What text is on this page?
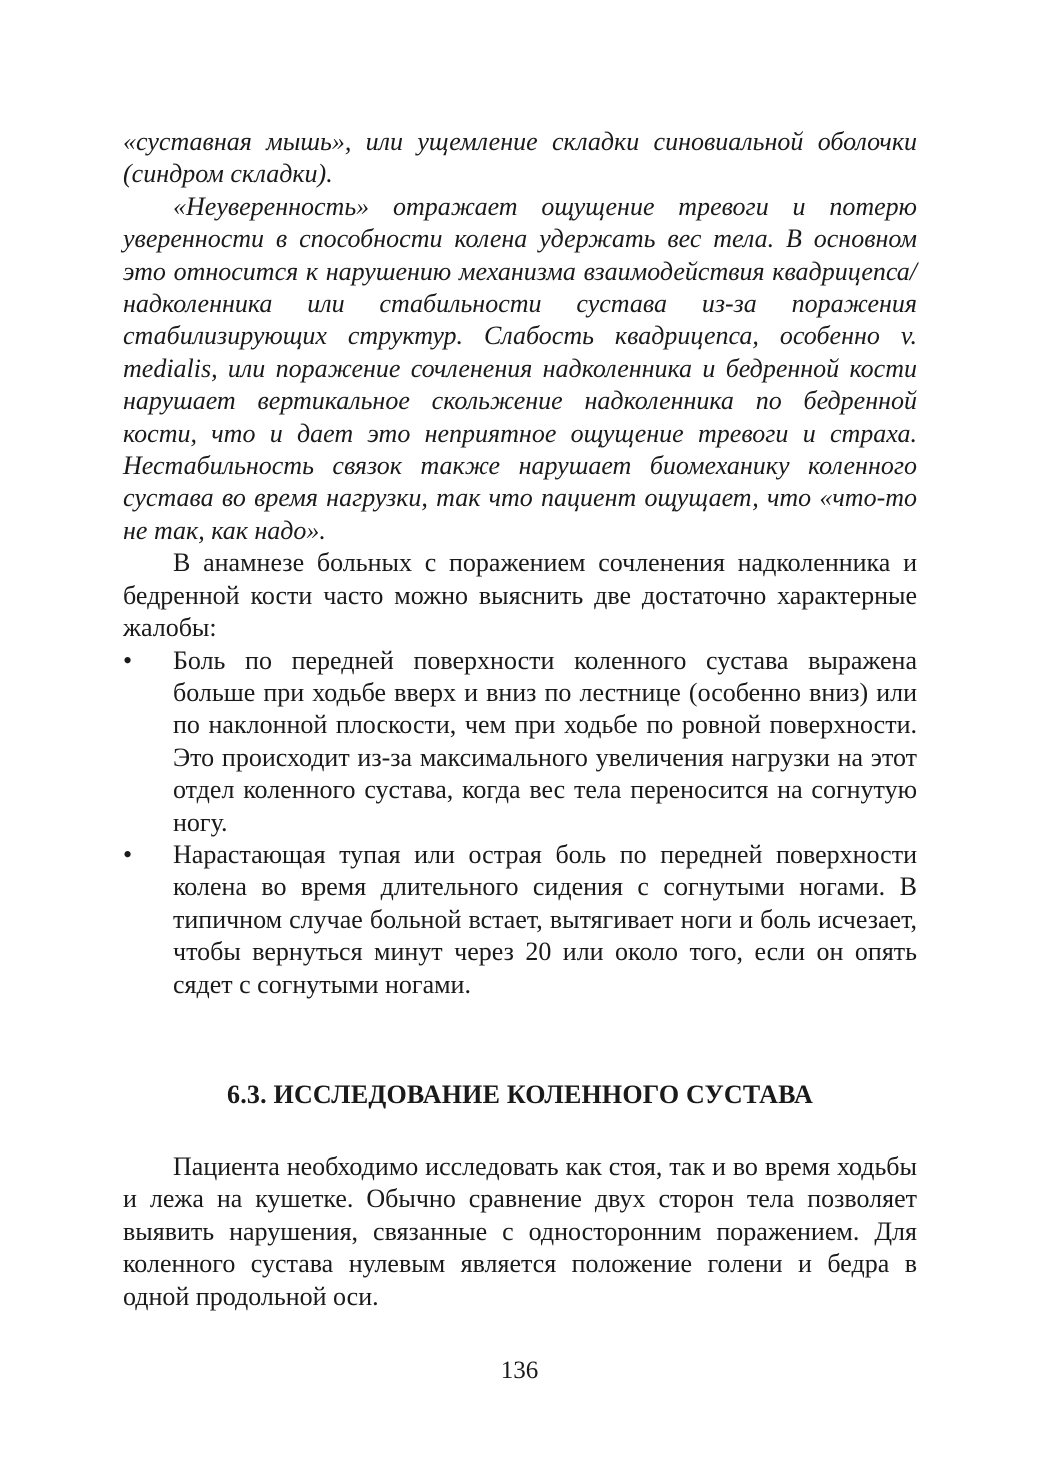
«суставная мышь», или ущемление складки синовиальной оболочки (синдром складки).

«Неуверенность» отражает ощущение тревоги и потерю уверенности в способности колена удержать вес тела. В основном это относится к нарушению механизма взаимодействия квадрицепса/надколенника или стабильности сустава из-за поражения стабилизирующих структур. Слабость квадрицепса, особенно v. medialis, или поражение сочленения надколенника и бедренной кости нарушает вертикальное скольжение надколенника по бедренной кости, что и дает это неприятное ощущение тревоги и страха. Нестабильность связок также нарушает биомеханику коленного сустава во время нагрузки, так что пациент ощущает, что «что-то не так, как надо».

В анамнезе больных с поражением сочленения надколенника и бедренной кости часто можно выяснить две достаточно характерные жалобы:

•	Боль по передней поверхности коленного сустава выражена больше при ходьбе вверх и вниз по лестнице (особенно вниз) или по наклонной плоскости, чем при ходьбе по ровной поверхности. Это происходит из-за максимального увеличения нагрузки на этот отдел коленного сустава, когда вес тела переносится на согнутую ногу.

•	Нарастающая тупая или острая боль по передней поверхности колена во время длительного сидения с согнутыми ногами. В типичном случае больной встает, вытягивает ноги и боль исчезает, чтобы вернуться минут через 20 или около того, если он опять сядет с согнутыми ногами.

6.3. ИССЛЕДОВАНИЕ КОЛЕННОГО СУСТАВА

Пациента необходимо исследовать как стоя, так и во время ходьбы и лежа на кушетке. Обычно сравнение двух сторон тела позволяет выявить нарушения, связанные с односторонним поражением. Для коленного сустава нулевым является положение голени и бедра в одной продольной оси.

136
